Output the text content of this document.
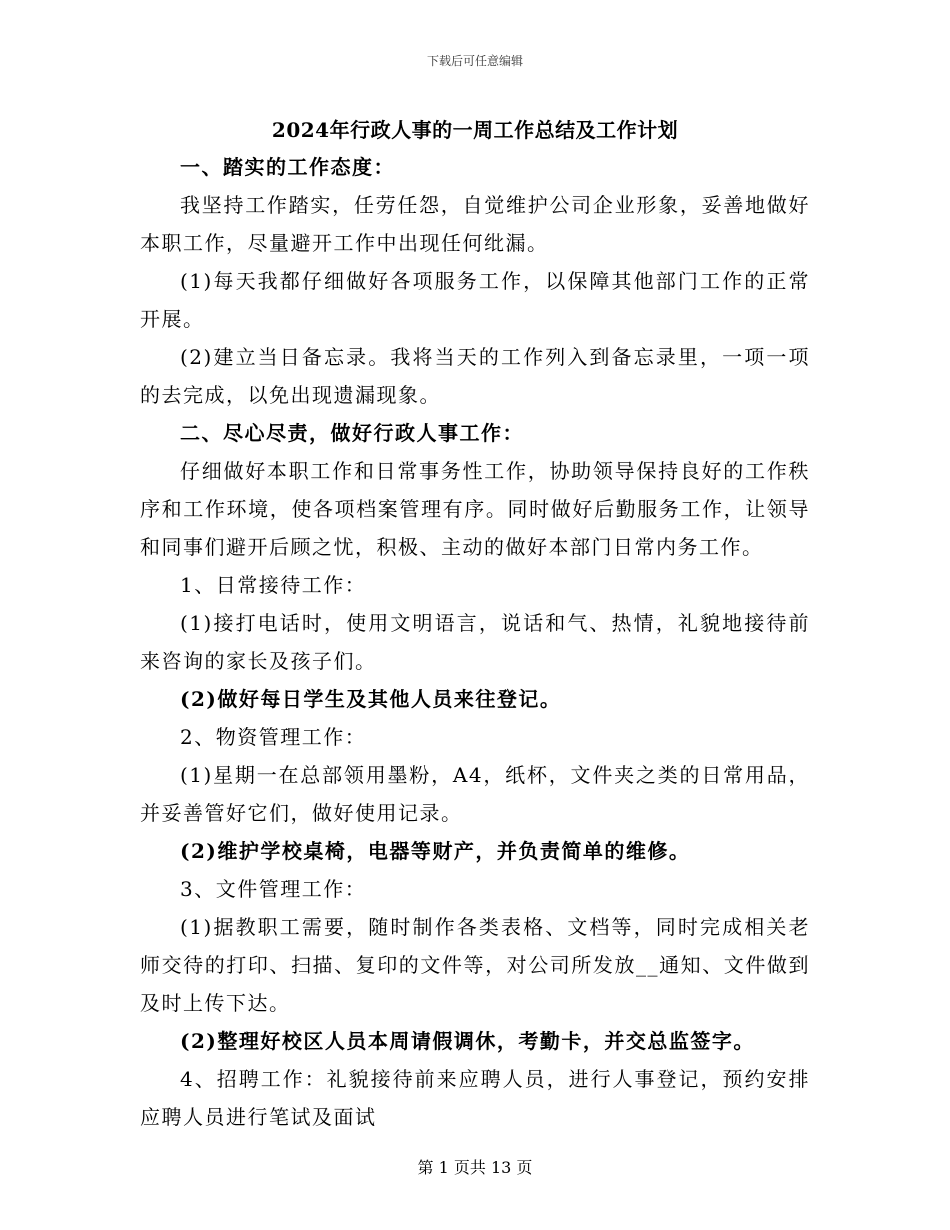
下载后可任意编辑
2024年行政人事的一周工作总结及工作计划

一、踏实的工作态度：

我坚持工作踏实，任劳任怨，自觉维护公司企业形象，妥善地做好本职工作，尽量避开工作中出现任何纰漏。

(1)每天我都仔细做好各项服务工作，以保障其他部门工作的正常开展。

(2)建立当日备忘录。我将当天的工作列入到备忘录里，一项一项的去完成，以免出现遗漏现象。

二、尽心尽责，做好行政人事工作：

仔细做好本职工作和日常事务性工作，协助领导保持良好的工作秩序和工作环境，使各项档案管理有序。同时做好后勤服务工作，让领导和同事们避开后顾之忧，积极、主动的做好本部门日常内务工作。

1、日常接待工作：

(1)接打电话时，使用文明语言，说话和气、热情，礼貌地接待前来咨询的家长及孩子们。

(2)做好每日学生及其他人员来往登记。

2、物资管理工作：

(1)星期一在总部领用墨粉，A4，纸杯，文件夹之类的日常用品，并妥善管好它们，做好使用记录。

(2)维护学校桌椅，电器等财产，并负责简单的维修。

3、文件管理工作：

(1)据教职工需要，随时制作各类表格、文档等，同时完成相关老师交待的打印、扫描、复印的文件等，对公司所发放__通知、文件做到及时上传下达。

(2)整理好校区人员本周请假调休，考勤卡，并交总监签字。

4、招聘工作：礼貌接待前来应聘人员，进行人事登记，预约安排应聘人员进行笔试及面试

第 1 页共 13 页
